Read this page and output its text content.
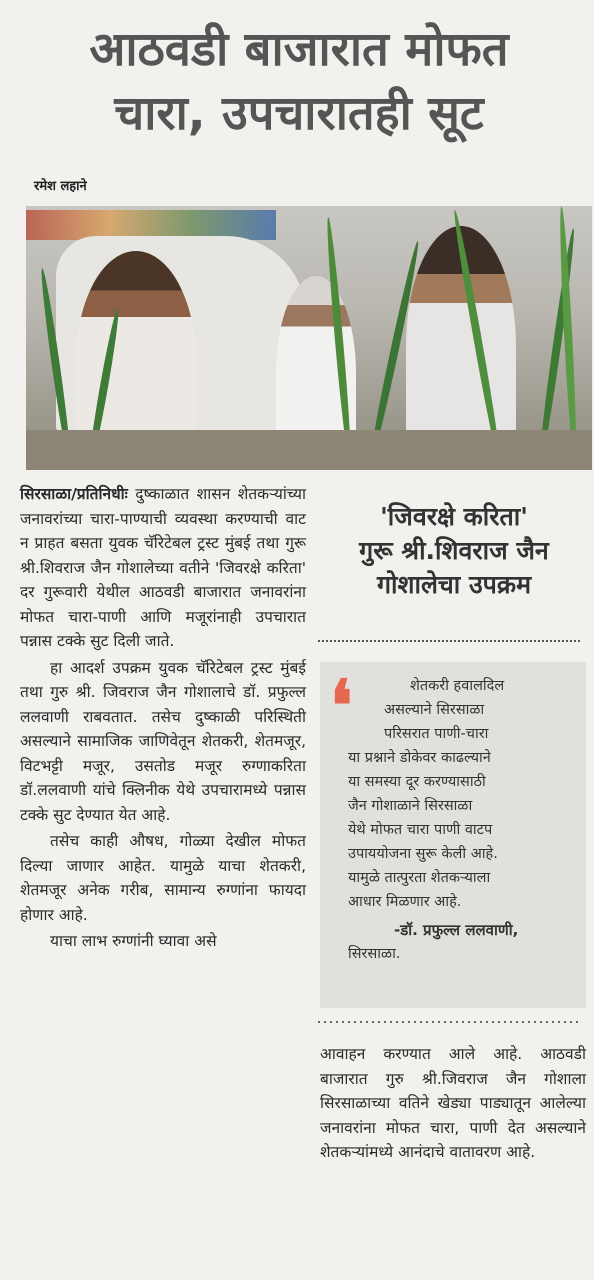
आठवडी बाजारात मोफत
चारा, उपचारातही सूट
रमेश लहाने

सिरसाळा/प्रतिनिधीः दुष्काळात शासन शेतकऱ्यांच्या जनावरांच्या चारा-पाण्याची व्यवस्था करण्याची वाट न प्राहत बसता युवक चॅरिटेबल ट्रस्ट मुंबई तथा गुरू श्री.शिवराज जैन गोशालेच्या वतीने 'जिवरक्षे करिता' दर गुरूवारी येथील आठवडी बाजारात जनावरांना मोफत चारा-पाणी आणि मजूरांनाही उपचारात पन्नास टक्के सुट दिली जाते.

हा आदर्श उपक्रम युवक चॅरिटेबल ट्रस्ट मुंबई तथा गुरु श्री. जिवराज जैन गोशालाचे डॉ. प्रफुल्ल ललवाणी राबवतात. तसेच दुष्काळी परिस्थिती असल्याने सामाजिक जाणिवेतून शेतकरी, शेतमजूर, विटभट्टी मजूर, उसतोड मजूर रुग्णाकरिता डॉ.ललवाणी यांचे क्लिनीक येथे उपचारामध्ये पन्नास टक्के सुट देण्यात येत आहे.

तसेच काही औषध, गोळ्या देखील मोफत दिल्या जाणार आहेत. यामुळे याचा शेतकरी, शेतमजूर अनेक गरीब, सामान्य रुग्णांना फायदा होणार आहे.

याचा लाभ रुग्णांनी घ्यावा असे

'जिवरक्षे करिता'
गुरू श्री.शिवराज जैन
गोशालेचा उपक्रम
❛	शेतकरी हवालदिल
असल्याने सिरसाळा
परिसरात पाणी-चारा
या प्रश्नाने डोकेवर काढल्याने
या समस्या दूर करण्यासाठी
जैन गोशाळाने सिरसाळा
येथे मोफत चारा पाणी वाटप
उपाययोजना सुरू केली आहे.
यामुळे तात्पुरता शेतकऱ्याला
आधार मिळणार आहे.
-डॉ. प्रफुल्ल ललवाणी,
सिरसाळा.

आवाहन करण्यात आले आहे. आठवडी बाजारात गुरु श्री.जिवराज जैन गोशाला सिरसाळाच्या वतिने खेड्या पाड्यातून आलेल्या जनावरांना मोफत चारा, पाणी देत असल्याने शेतकऱ्यांमध्ये आनंदाचे वातावरण आहे.
